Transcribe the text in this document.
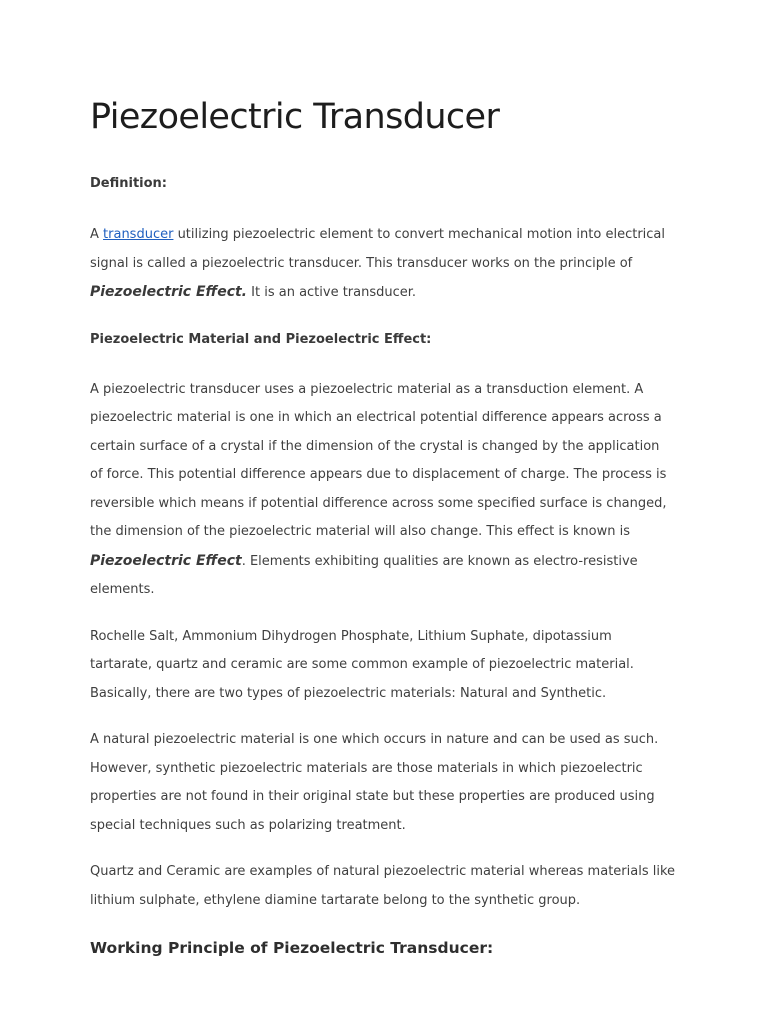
Piezoelectric Transducer
Definition:

A transducer utilizing piezoelectric element to convert mechanical motion into electrical signal is called a piezoelectric transducer. This transducer works on the principle of Piezoelectric Effect. It is an active transducer.

Piezoelectric Material and Piezoelectric Effect:

A piezoelectric transducer uses a piezoelectric material as a transduction element. A piezoelectric material is one in which an electrical potential difference appears across a certain surface of a crystal if the dimension of the crystal is changed by the application of force. This potential difference appears due to displacement of charge. The process is reversible which means if potential difference across some specified surface is changed, the dimension of the piezoelectric material will also change. This effect is known is Piezoelectric Effect. Elements exhibiting qualities are known as electro-resistive elements.

Rochelle Salt, Ammonium Dihydrogen Phosphate, Lithium Suphate, dipotassium tartarate, quartz and ceramic are some common example of piezoelectric material. Basically, there are two types of piezoelectric materials: Natural and Synthetic.

A natural piezoelectric material is one which occurs in nature and can be used as such. However, synthetic piezoelectric materials are those materials in which piezoelectric properties are not found in their original state but these properties are produced using special techniques such as polarizing treatment.

Quartz and Ceramic are examples of natural piezoelectric material whereas materials like lithium sulphate, ethylene diamine tartarate belong to the synthetic group.

Working Principle of Piezoelectric Transducer:
